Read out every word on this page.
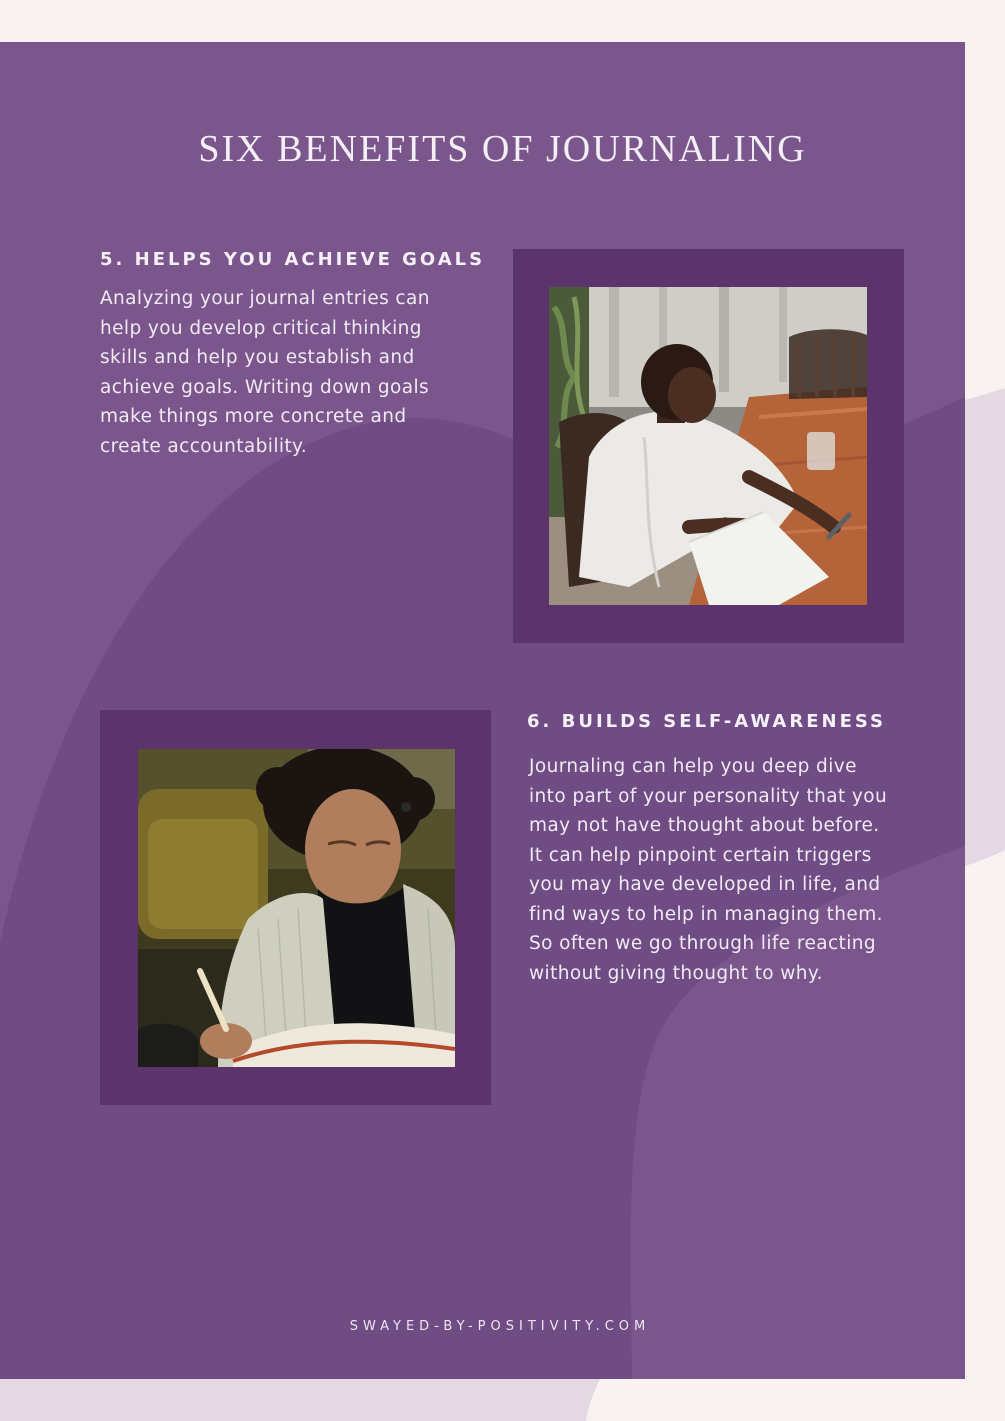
SIX BENEFITS OF JOURNALING
5. HELPS YOU ACHIEVE GOALS
Analyzing your journal entries can
help you develop critical thinking
skills and help you establish and
achieve goals. Writing down goals
make things more concrete and
create accountability.
6. BUILDS SELF-AWARENESS
Journaling can help you deep dive
into part of your personality that you
may not have thought about before.
It can help pinpoint certain triggers
you may have developed in life, and
find ways to help in managing them.
So often we go through life reacting
without giving thought to why.
SWAYED-BY-POSITIVITY.COM
